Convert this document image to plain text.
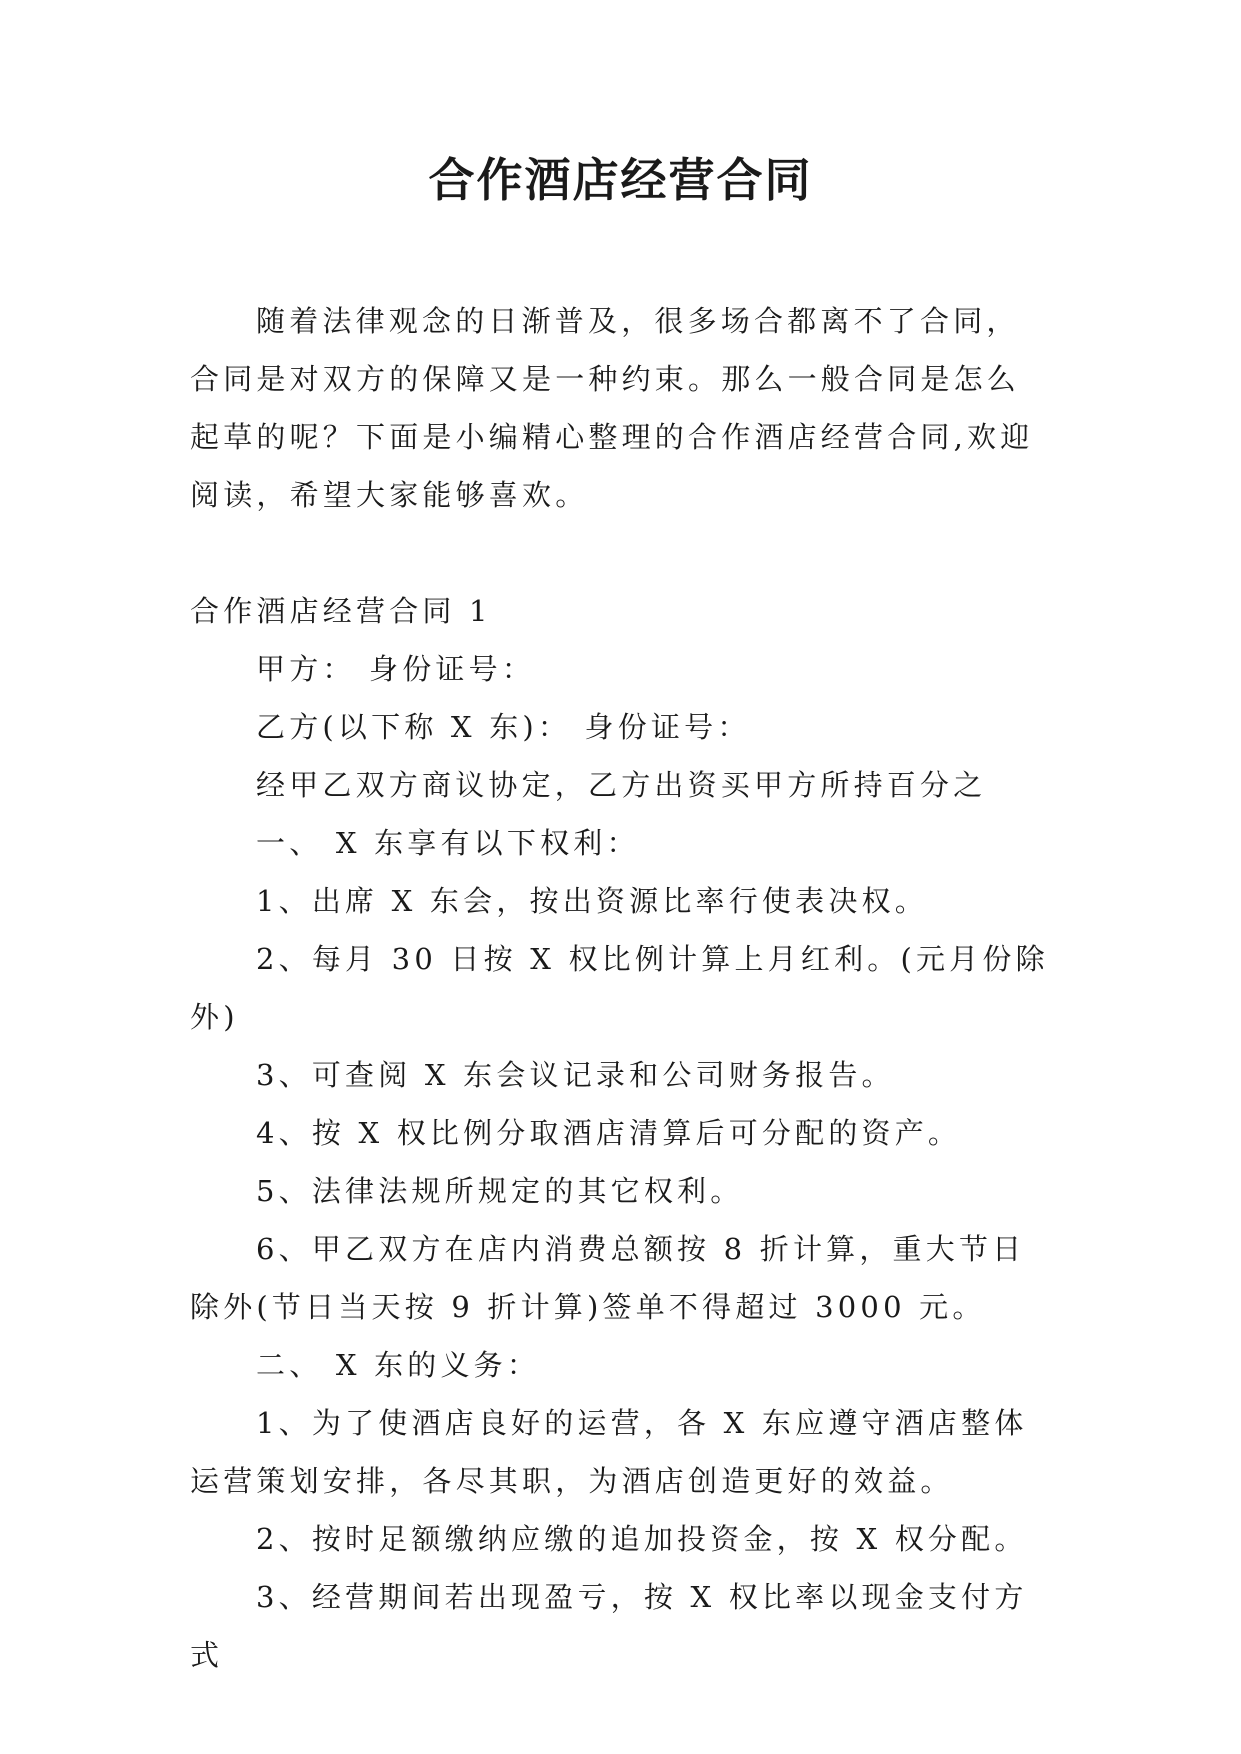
合作酒店经营合同

随着法律观念的日渐普及，很多场合都离不了合同，合同是对双方的保障又是一种约束。那么一般合同是怎么起草的呢？下面是小编精心整理的合作酒店经营合同,欢迎阅读，希望大家能够喜欢。

合作酒店经营合同 1

甲方： 身份证号：

乙方(以下称 X 东)： 身份证号：

经甲乙双方商议协定，乙方出资买甲方所持百分之

一、 X 东享有以下权利：

1、出席 X 东会，按出资源比率行使表决权。

2、每月 30 日按 X 权比例计算上月红利。(元月份除外)

3、可查阅 X 东会议记录和公司财务报告。

4、按 X 权比例分取酒店清算后可分配的资产。

5、法律法规所规定的其它权利。

6、甲乙双方在店内消费总额按 8 折计算，重大节日除外(节日当天按 9 折计算)签单不得超过 3000 元。

二、 X 东的义务：

1、为了使酒店良好的运营，各 X 东应遵守酒店整体运营策划安排，各尽其职，为酒店创造更好的效益。

2、按时足额缴纳应缴的追加投资金，按 X 权分配。

3、经营期间若出现盈亏，按 X 权比率以现金支付方式
